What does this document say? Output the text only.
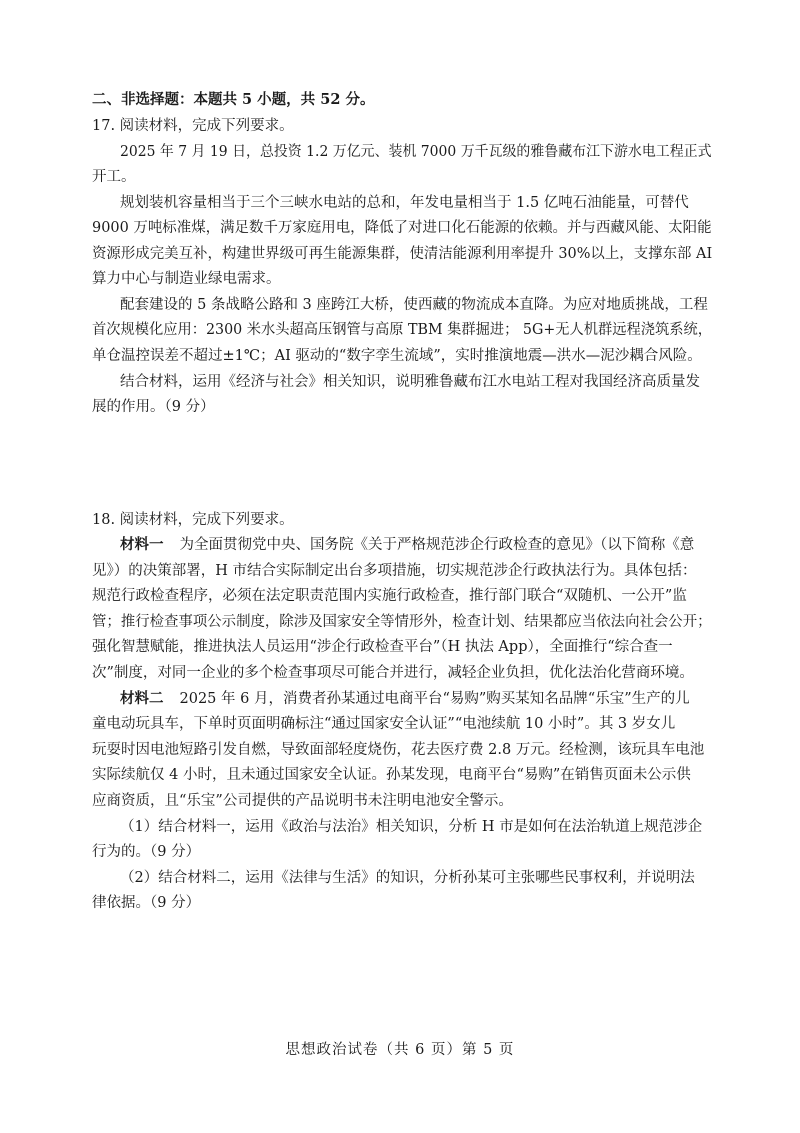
二、非选择题：本题共 5 小题，共 52 分。
17. 阅读材料，完成下列要求。
2025 年 7 月 19 日，总投资 1.2 万亿元、装机 7000 万千瓦级的雅鲁藏布江下游水电工程正式
开工。
规划装机容量相当于三个三峡水电站的总和，年发电量相当于 1.5 亿吨石油能量，可替代
9000 万吨标准煤，满足数千万家庭用电，降低了对进口化石能源的依赖。并与西藏风能、太阳能
资源形成完美互补，构建世界级可再生能源集群，使清洁能源利用率提升 30%以上，支撑东部 AI
算力中心与制造业绿电需求。
配套建设的 5 条战略公路和 3 座跨江大桥，使西藏的物流成本直降。为应对地质挑战，工程
首次规模化应用：2300 米水头超高压钢管与高原 TBM 集群掘进； 5G+无人机群远程浇筑系统，
单仓温控误差不超过±1℃；AI 驱动的“数字孪生流域”，实时推演地震—洪水—泥沙耦合风险。
结合材料，运用《经济与社会》相关知识，说明雅鲁藏布江水电站工程对我国经济高质量发
展的作用。（9 分）
18. 阅读材料，完成下列要求。
材料一 为全面贯彻党中央、国务院《关于严格规范涉企行政检查的意见》（以下简称《意
见》）的决策部署，H 市结合实际制定出台多项措施，切实规范涉企行政执法行为。具体包括：
规范行政检查程序，必须在法定职责范围内实施行政检查，推行部门联合“双随机、一公开”监
管；推行检查事项公示制度，除涉及国家安全等情形外，检查计划、结果都应当依法向社会公开；
强化智慧赋能，推进执法人员运用“涉企行政检查平台”（H 执法 App），全面推行“综合查一
次”制度，对同一企业的多个检查事项尽可能合并进行，减轻企业负担，优化法治化营商环境。
材料二 2025 年 6 月，消费者孙某通过电商平台“易购”购买某知名品牌“乐宝”生产的儿
童电动玩具车，下单时页面明确标注“通过国家安全认证”“电池续航 10 小时”。其 3 岁女儿
玩耍时因电池短路引发自燃，导致面部轻度烧伤，花去医疗费 2.8 万元。经检测，该玩具车电池
实际续航仅 4 小时，且未通过国家安全认证。孙某发现，电商平台“易购”在销售页面未公示供
应商资质，且“乐宝”公司提供的产品说明书未注明电池安全警示。
（1）结合材料一，运用《政治与法治》相关知识，分析 H 市是如何在法治轨道上规范涉企
行为的。（9 分）
（2）结合材料二，运用《法律与生活》的知识，分析孙某可主张哪些民事权利，并说明法
律依据。（9 分）
思想政治试卷（共 6 页）第 5 页
